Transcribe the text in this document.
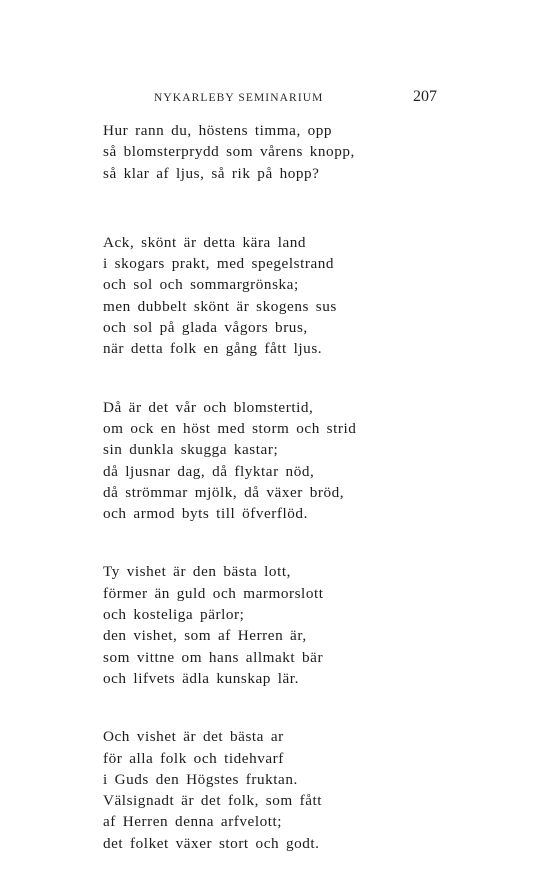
NYKARLEBY SEMINARIUM	207
Hur rann du, höstens timma, opp
så blomsterprydd som vårens knopp,
så klar af ljus, så rik på hopp?
Ack, skönt är detta kära land
i skogars prakt, med spegelstrand
och sol och sommargrönska;
men dubbelt skönt är skogens sus
och sol på glada vågors brus,
när detta folk en gång fått ljus.
Då är det vår och blomstertid,
om ock en höst med storm och strid
sin dunkla skugga kastar;
då ljusnar dag, då flyktar nöd,
då strömmar mjölk, då växer bröd,
och armod byts till öfverflöd.
Ty vishet är den bästa lott,
förmer än guld och marmorslott
och kosteliga pärlor;
den vishet, som af Herren är,
som vittne om hans allmakt bär
och lifvets ädla kunskap lär.
Och vishet är det bästa ar
för alla folk och tidehvarf
i Guds den Högstes fruktan.
Välsignadt är det folk, som fått
af Herren denna arfvelott;
det folket växer stort och godt.
